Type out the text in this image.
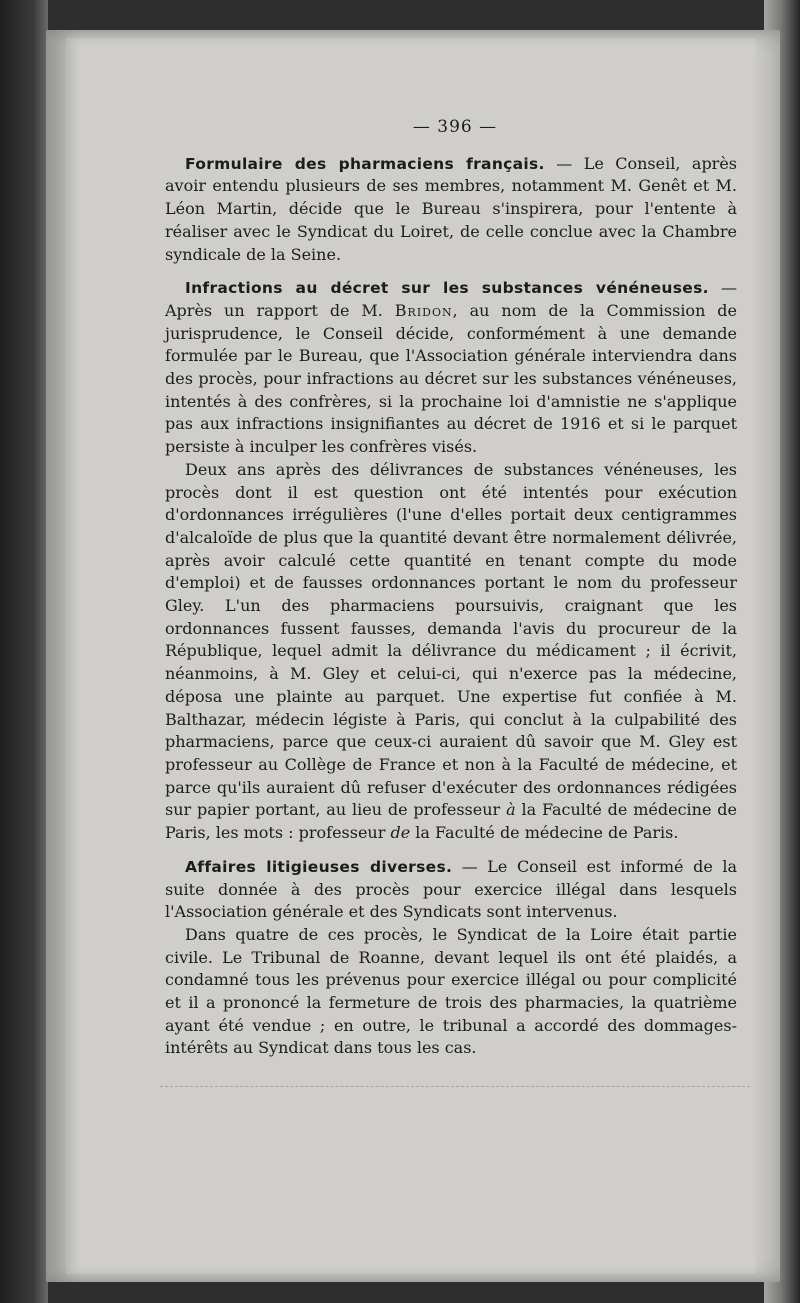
— 396 —

Formulaire des pharmaciens français. — Le Conseil, après avoir entendu plusieurs de ses membres, notamment M. Genêt et M. Léon Martin, décide que le Bureau s'inspirera, pour l'entente à réaliser avec le Syndicat du Loiret, de celle conclue avec la Chambre syndicale de la Seine.

Infractions au décret sur les substances vénéneuses. — Après un rapport de M. Bridon, au nom de la Commission de jurisprudence, le Conseil décide, conformément à une demande formulée par le Bureau, que l'Association générale interviendra dans des procès, pour infractions au décret sur les substances vénéneuses, intentés à des confrères, si la prochaine loi d'amnistie ne s'applique pas aux infractions insignifiantes au décret de 1916 et si le parquet persiste à inculper les confrères visés.

Deux ans après des délivrances de substances vénéneuses, les procès dont il est question ont été intentés pour exécution d'ordonnances irrégulières (l'une d'elles portait deux centigrammes d'alcaloïde de plus que la quantité devant être normalement délivrée, après avoir calculé cette quantité en tenant compte du mode d'emploi) et de fausses ordonnances portant le nom du professeur Gley. L'un des pharmaciens poursuivis, craignant que les ordonnances fussent fausses, demanda l'avis du procureur de la République, lequel admit la délivrance du médicament ; il écrivit, néanmoins, à M. Gley et celui-ci, qui n'exerce pas la médecine, déposa une plainte au parquet. Une expertise fut confiée à M. Balthazar, médecin légiste à Paris, qui conclut à la culpabilité des pharmaciens, parce que ceux-ci auraient dû savoir que M. Gley est professeur au Collège de France et non à la Faculté de médecine, et parce qu'ils auraient dû refuser d'exécuter des ordonnances rédigées sur papier portant, au lieu de professeur à la Faculté de médecine de Paris, les mots : professeur de la Faculté de médecine de Paris.

Affaires litigieuses diverses. — Le Conseil est informé de la suite donnée à des procès pour exercice illégal dans lesquels l'Association générale et des Syndicats sont intervenus.

Dans quatre de ces procès, le Syndicat de la Loire était partie civile. Le Tribunal de Roanne, devant lequel ils ont été plaidés, a condamné tous les prévenus pour exercice illégal ou pour complicité et il a prononcé la fermeture de trois des pharmacies, la quatrième ayant été vendue ; en outre, le tribunal a accordé des dommages-intérêts au Syndicat dans tous les cas.
